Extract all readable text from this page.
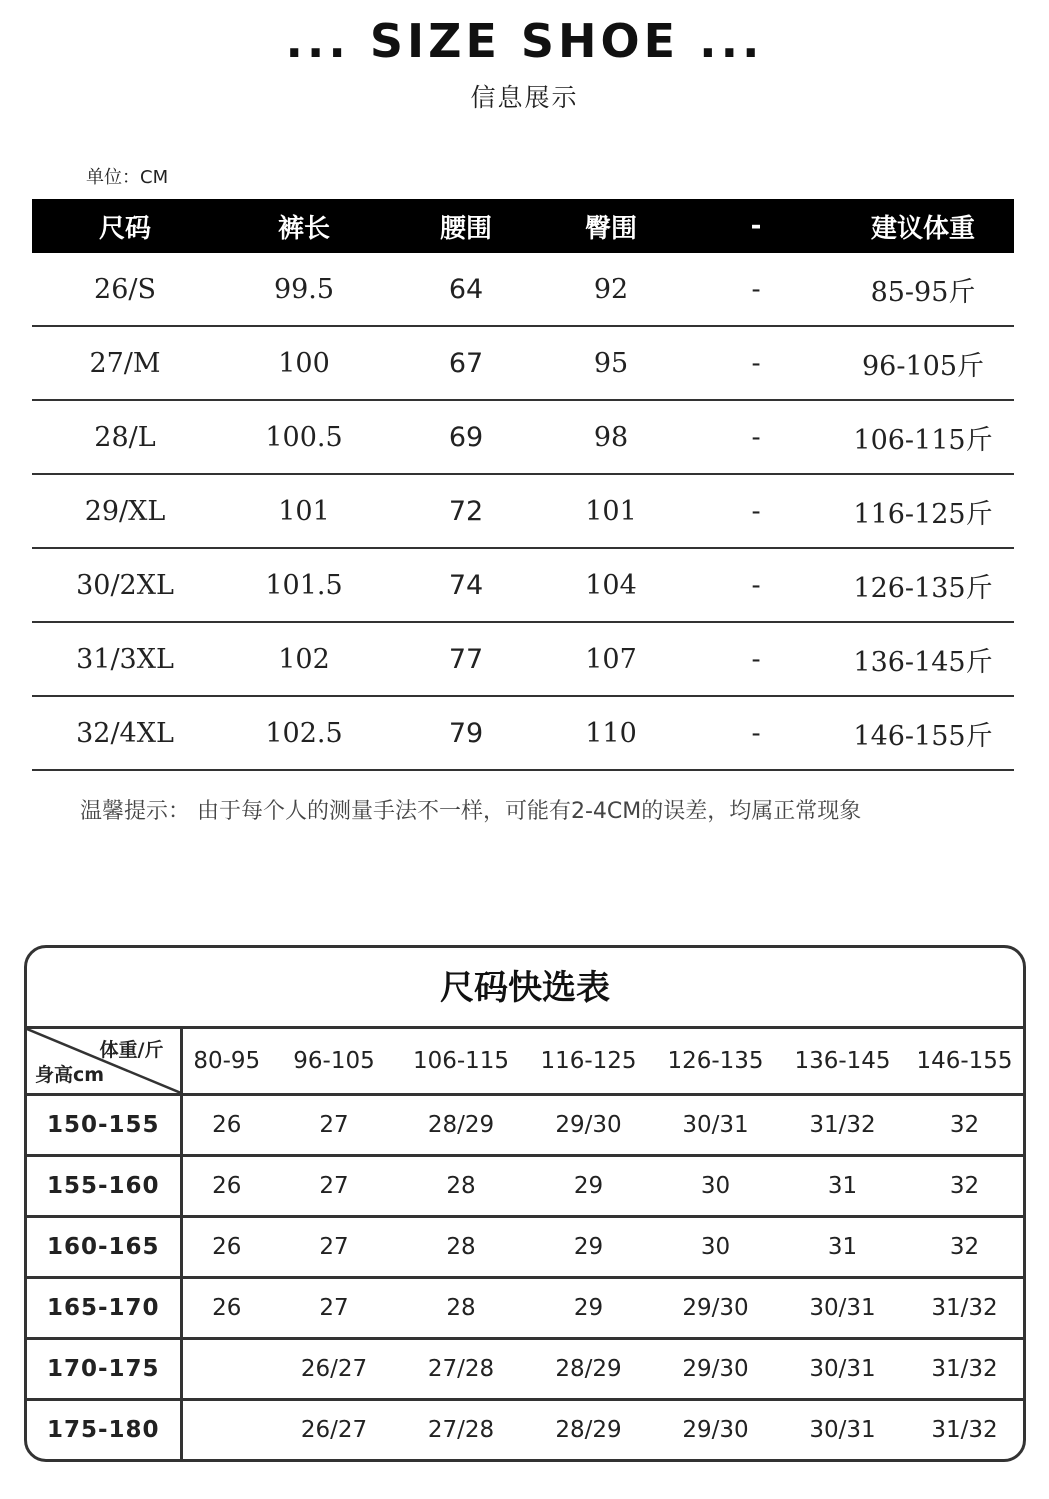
... SIZE SHOE ...
信息展示
单位：CM
尺码	裤长	腰围	臀围	-	建议体重
26/S	99.5	64	92	-	85-95斤
27/M	100	67	95	-	96-105斤
28/L	100.5	69	98	-	106-115斤
29/XL	101	72	101	-	116-125斤
30/2XL	101.5	74	104	-	126-135斤
31/3XL	102	77	107	-	136-145斤
32/4XL	102.5	79	110	-	146-155斤
温馨提示： 由于每个人的测量手法不一样，可能有2-4CM的误差，均属正常现象
尺码快选表
体重/斤
身高cm	80-95	96-105	106-115	116-125	126-135	136-145	146-155
150-155	26	27	28/29	29/30	30/31	31/32	32
155-160	26	27	28	29	30	31	32
160-165	26	27	28	29	30	31	32
165-170	26	27	28	29	29/30	30/31	31/32
170-175		26/27	27/28	28/29	29/30	30/31	31/32
175-180		26/27	27/28	28/29	29/30	30/31	31/32
